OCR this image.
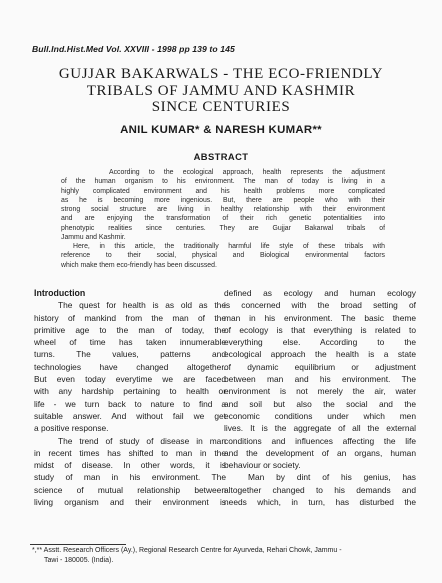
Bull.Ind.Hist.Med Vol. XXVIII - 1998 pp 139 to 145
GUJJAR BAKARWALS - THE ECO-FRIENDLY
TRIBALS OF JAMMU AND KASHMIR
SINCE CENTURIES
ANIL KUMAR* & NARESH KUMAR**
ABSTRACT
According to the ecological approach, health represents the adjustment
of the human organism to his environment. The man of today is living in a
highly complicated environment and his health problems more complicated
as he is becoming more ingenious. But, there are people who with their
strong social structure are living in healthy relationship with their environment
and are enjoying the transformation of their rich genetic potentialities into
phenotypic realities since centuries. They are Gujjar Bakarwal tribals of
Jammu and Kashmir.
Here, in this article, the traditionally harmful life style of these tribals with
reference to their social, physical and Biological environmental factors
which make them eco-friendly has been discussed.
Introduction
The quest for health is as old as the
history of mankind from the man of the
primitive age to the man of today, the
wheel of time has taken innumerable
turns. The values, patterns and
technologies have changed altogether.
But even today everytime we are faced
with any hardship pertaining to health or
life - we turn back to nature to find a
suitable answer. And without fail we get
a positive response.
The trend of study of disease in man
in recent times has shifted to man in the
midst of disease. In other words, it is
study of man in his environment. The
science of mutual relationship between
living organism and their environment is
defined as ecology and human ecology
is concerned with the broad setting of
man in his environment. The basic theme
of ecology is that everything is related to
everything else. According to the
ecological approach the health is a state
of dynamic equilibrium or adjustment
between man and his environment. The
environment is not merely the air, water
and soil but also the social and the
economic conditions under which men
lives. It is the aggregate of all the external
conditions and influences affecting the life
and the development of an organs, human
behaviour or society.
Man by dint of his genius, has
altogether changed to his demands and
needs which, in turn, has disturbed the
*,** Asstt. Research Officers (Ay.), Regional Research Centre for Ayurveda, Rehari Chowk, Jammu -
Tawi - 180005. (India).
